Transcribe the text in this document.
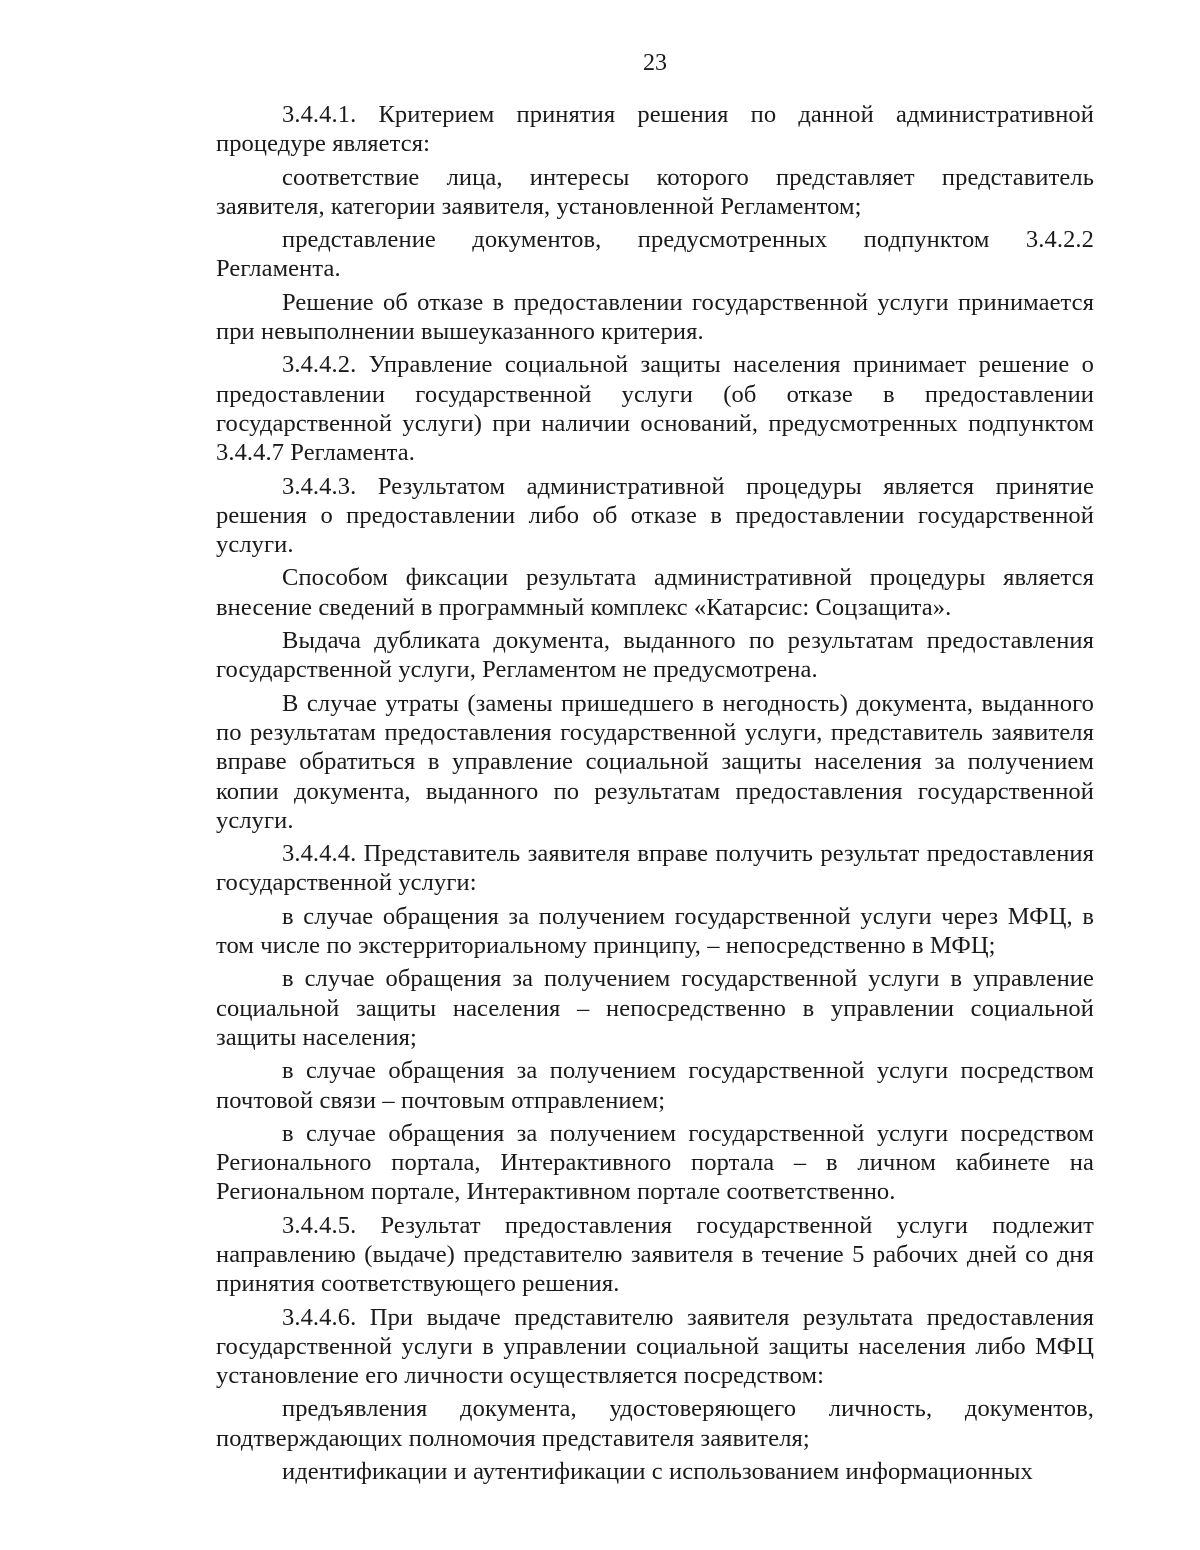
23

3.4.4.1. Критерием принятия решения по данной административной процедуре является:

соответствие лица, интересы которого представляет представитель заявителя, категории заявителя, установленной Регламентом;

представление документов, предусмотренных подпунктом 3.4.2.2 Регламента.

Решение об отказе в предоставлении государственной услуги принимается при невыполнении вышеуказанного критерия.

3.4.4.2. Управление социальной защиты населения принимает решение о предоставлении государственной услуги (об отказе в предоставлении государственной услуги) при наличии оснований, предусмотренных подпунктом 3.4.4.7 Регламента.

3.4.4.3. Результатом административной процедуры является принятие решения о предоставлении либо об отказе в предоставлении государственной услуги.

Способом фиксации результата административной процедуры является внесение сведений в программный комплекс «Катарсис: Соцзащита».

Выдача дубликата документа, выданного по результатам предоставления государственной услуги, Регламентом не предусмотрена.

В случае утраты (замены пришедшего в негодность) документа, выданного по результатам предоставления государственной услуги, представитель заявителя вправе обратиться в управление социальной защиты населения за получением копии документа, выданного по результатам предоставления государственной услуги.

3.4.4.4. Представитель заявителя вправе получить результат предоставления государственной услуги:

в случае обращения за получением государственной услуги через МФЦ, в том числе по экстерриториальному принципу, – непосредственно в МФЦ;

в случае обращения за получением государственной услуги в управление социальной защиты населения – непосредственно в управлении социальной защиты населения;

в случае обращения за получением государственной услуги посредством почтовой связи – почтовым отправлением;

в случае обращения за получением государственной услуги посредством Регионального портала, Интерактивного портала – в личном кабинете на Региональном портале, Интерактивном портале соответственно.

3.4.4.5. Результат предоставления государственной услуги подлежит направлению (выдаче) представителю заявителя в течение 5 рабочих дней со дня принятия соответствующего решения.

3.4.4.6. При выдаче представителю заявителя результата предоставления государственной услуги в управлении социальной защиты населения либо МФЦ установление его личности осуществляется посредством:

предъявления документа, удостоверяющего личность, документов, подтверждающих полномочия представителя заявителя;

идентификации и аутентификации с использованием информационных
